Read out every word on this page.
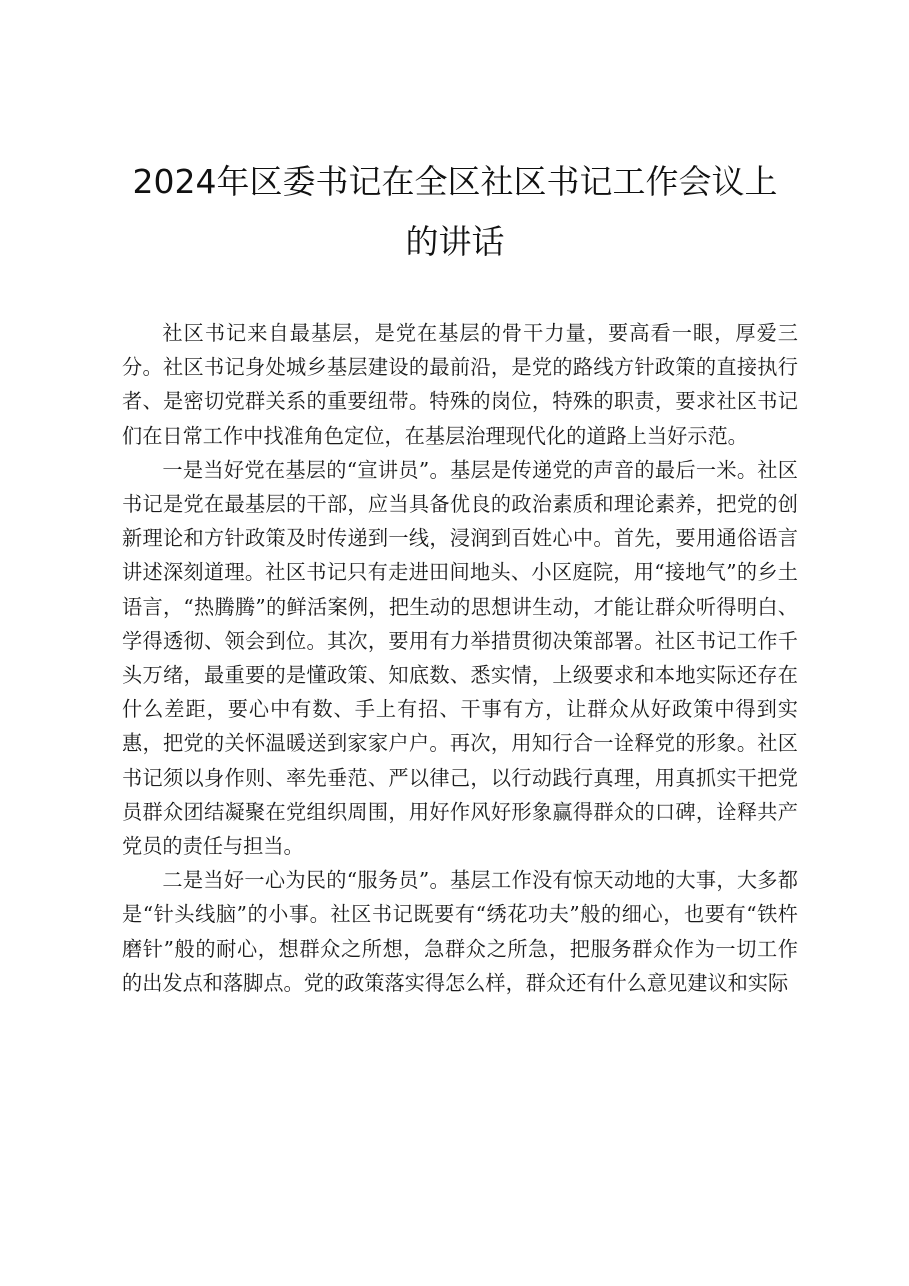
2024年区委书记在全区社区书记工作会议上
的讲话

社区书记来自最基层，是党在基层的骨干力量，要高看一眼，厚爱三分。社区书记身处城乡基层建设的最前沿，是党的路线方针政策的直接执行者、是密切党群关系的重要纽带。特殊的岗位，特殊的职责，要求社区书记们在日常工作中找准角色定位，在基层治理现代化的道路上当好示范。

一是当好党在基层的“宣讲员”。基层是传递党的声音的最后一米。社区书记是党在最基层的干部，应当具备优良的政治素质和理论素养，把党的创新理论和方针政策及时传递到一线，浸润到百姓心中。首先，要用通俗语言讲述深刻道理。社区书记只有走进田间地头、小区庭院，用“接地气”的乡土语言，“热腾腾”的鲜活案例，把生动的思想讲生动，才能让群众听得明白、学得透彻、领会到位。其次，要用有力举措贯彻决策部署。社区书记工作千头万绪，最重要的是懂政策、知底数、悉实情，上级要求和本地实际还存在什么差距，要心中有数、手上有招、干事有方，让群众从好政策中得到实惠，把党的关怀温暖送到家家户户。再次，用知行合一诠释党的形象。社区书记须以身作则、率先垂范、严以律己，以行动践行真理，用真抓实干把党员群众团结凝聚在党组织周围，用好作风好形象赢得群众的口碑，诠释共产党员的责任与担当。

二是当好一心为民的“服务员”。基层工作没有惊天动地的大事，大多都是“针头线脑”的小事。社区书记既要有“绣花功夫”般的细心，也要有“铁杵磨针”般的耐心，想群众之所想，急群众之所急，把服务群众作为一切工作的出发点和落脚点。党的政策落实得怎么样，群众还有什么意见建议和实际
